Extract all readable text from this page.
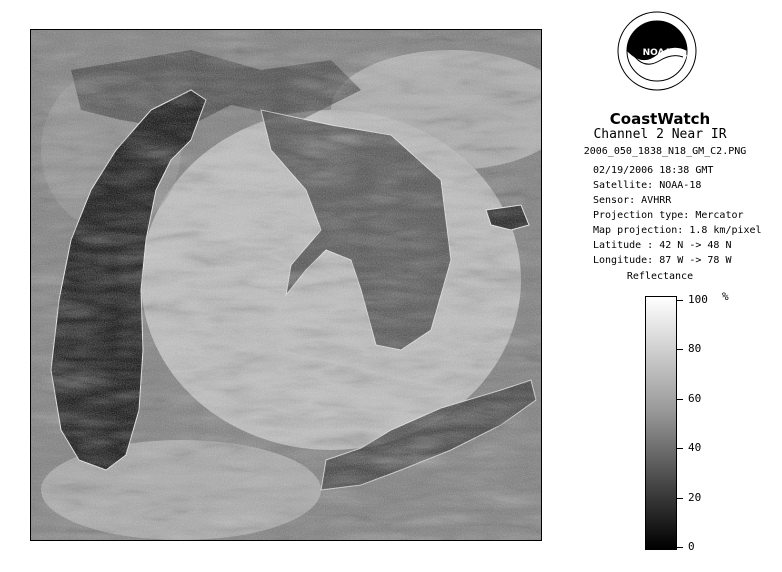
NOAA
CoastWatch
Channel 2 Near IR
2006_050_1838_N18_GM_C2.PNG
02/19/2006 18:38 GMT
Satellite: NOAA-18
Sensor: AVHRR
Projection type: Mercator
Map projection: 1.8 km/pixel
Latitude : 42 N -> 48 N
Longitude: 87 W -> 78 W
Reflectance
%
100
80
60
40
20
0
